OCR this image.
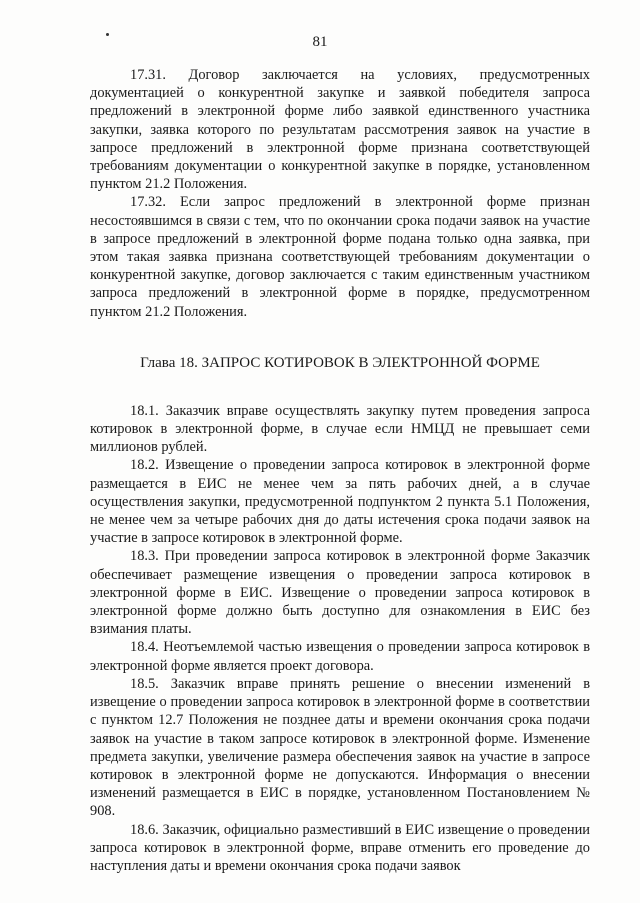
81

17.31. Договор заключается на условиях, предусмотренных документацией о конкурентной закупке и заявкой победителя запроса предложений в электронной форме либо заявкой единственного участника закупки, заявка которого по результатам рассмотрения заявок на участие в запросе предложений в электронной форме признана соответствующей требованиям документации о конкурентной закупке в порядке, установленном пунктом 21.2 Положения.

17.32. Если запрос предложений в электронной форме признан несостоявшимся в связи с тем, что по окончании срока подачи заявок на участие в запросе предложений в электронной форме подана только одна заявка, при этом такая заявка признана соответствующей требованиям документации о конкурентной закупке, договор заключается с таким единственным участником запроса предложений в электронной форме в порядке, предусмотренном пунктом 21.2 Положения.

Глава 18. ЗАПРОС КОТИРОВОК В ЭЛЕКТРОННОЙ ФОРМЕ

18.1. Заказчик вправе осуществлять закупку путем проведения запроса котировок в электронной форме, в случае если НМЦД не превышает семи миллионов рублей.

18.2. Извещение о проведении запроса котировок в электронной форме размещается в ЕИС не менее чем за пять рабочих дней, а в случае осуществления закупки, предусмотренной подпунктом 2 пункта 5.1 Положения, не менее чем за четыре рабочих дня до даты истечения срока подачи заявок на участие в запросе котировок в электронной форме.

18.3. При проведении запроса котировок в электронной форме Заказчик обеспечивает размещение извещения о проведении запроса котировок в электронной форме в ЕИС. Извещение о проведении запроса котировок в электронной форме должно быть доступно для ознакомления в ЕИС без взимания платы.

18.4. Неотъемлемой частью извещения о проведении запроса котировок в электронной форме является проект договора.

18.5. Заказчик вправе принять решение о внесении изменений в извещение о проведении запроса котировок в электронной форме в соответствии с пунктом 12.7 Положения не позднее даты и времени окончания срока подачи заявок на участие в таком запросе котировок в электронной форме. Изменение предмета закупки, увеличение размера обеспечения заявок на участие в запросе котировок в электронной форме не допускаются. Информация о внесении изменений размещается в ЕИС в порядке, установленном Постановлением № 908.

18.6. Заказчик, официально разместивший в ЕИС извещение о проведении запроса котировок в электронной форме, вправе отменить его проведение до наступления даты и времени окончания срока подачи заявок
